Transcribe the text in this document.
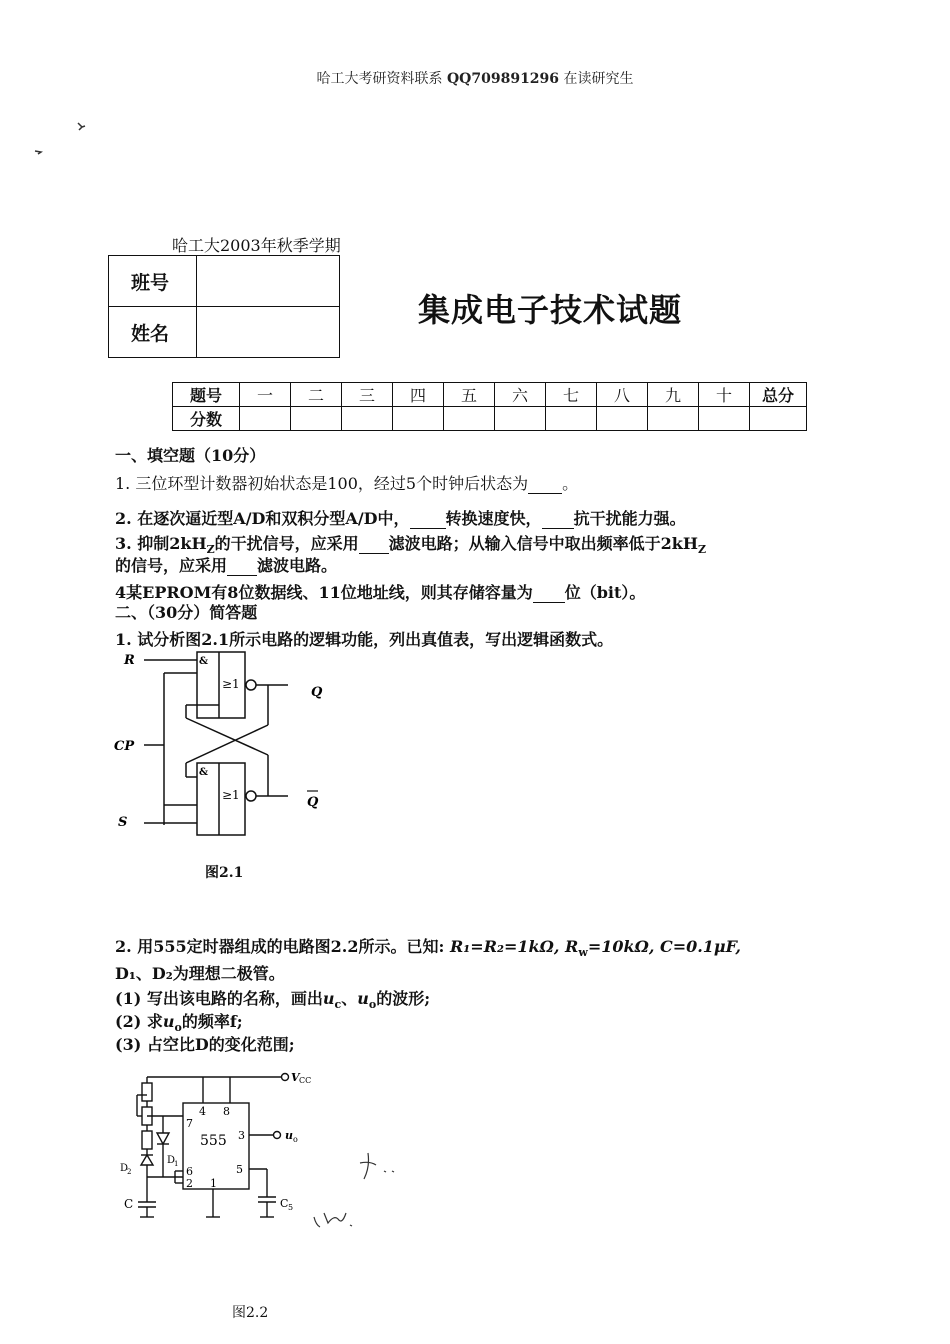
哈工大考研资料联系 QQ709891296 在读研究生
哈工大2003年秋季学期
班号	
姓名	
集成电子技术试题
题号	一	二	三	四	五	六	七	八	九	十	总分
分数											
一、填空题（10分）
1. 三位环型计数器初始状态是100，经过5个时钟后状态为 。
2. 在逐次逼近型A/D和双积分型A/D中， 转换速度快， 抗干扰能力强。
3. 抑制$2kH_Z$的干扰信号，应采用 滤波电路；从输入信号中取出频率低于$2kH_Z$
的信号，应采用 滤波电路。
4某EPROM有8位数据线、11位地址线，则其存储容量为 位（bit）。
二、（30分）简答题
1. 试分析图2.1所示电路的逻辑功能，列出真值表，写出逻辑函数式。
&
≥1
&
≥1
R
CP
S
Q
Q
图2.1
2. 用555定时器组成的电路图2.2所示。已知: R₁=R₂=1kΩ, $R_w=10k\Omega$, C=0.1μF,
D₁、D₂为理想二极管。
(1) 写出该电路的名称，画出$u_c$、$u_o$的波形;
(2) 求$u_o$的频率f;
(3) 占空比D的变化范围;
V CC
555	u o
4 8
7
3
6
2 1
5
D
1
D
2
C	C 5
图2.2
